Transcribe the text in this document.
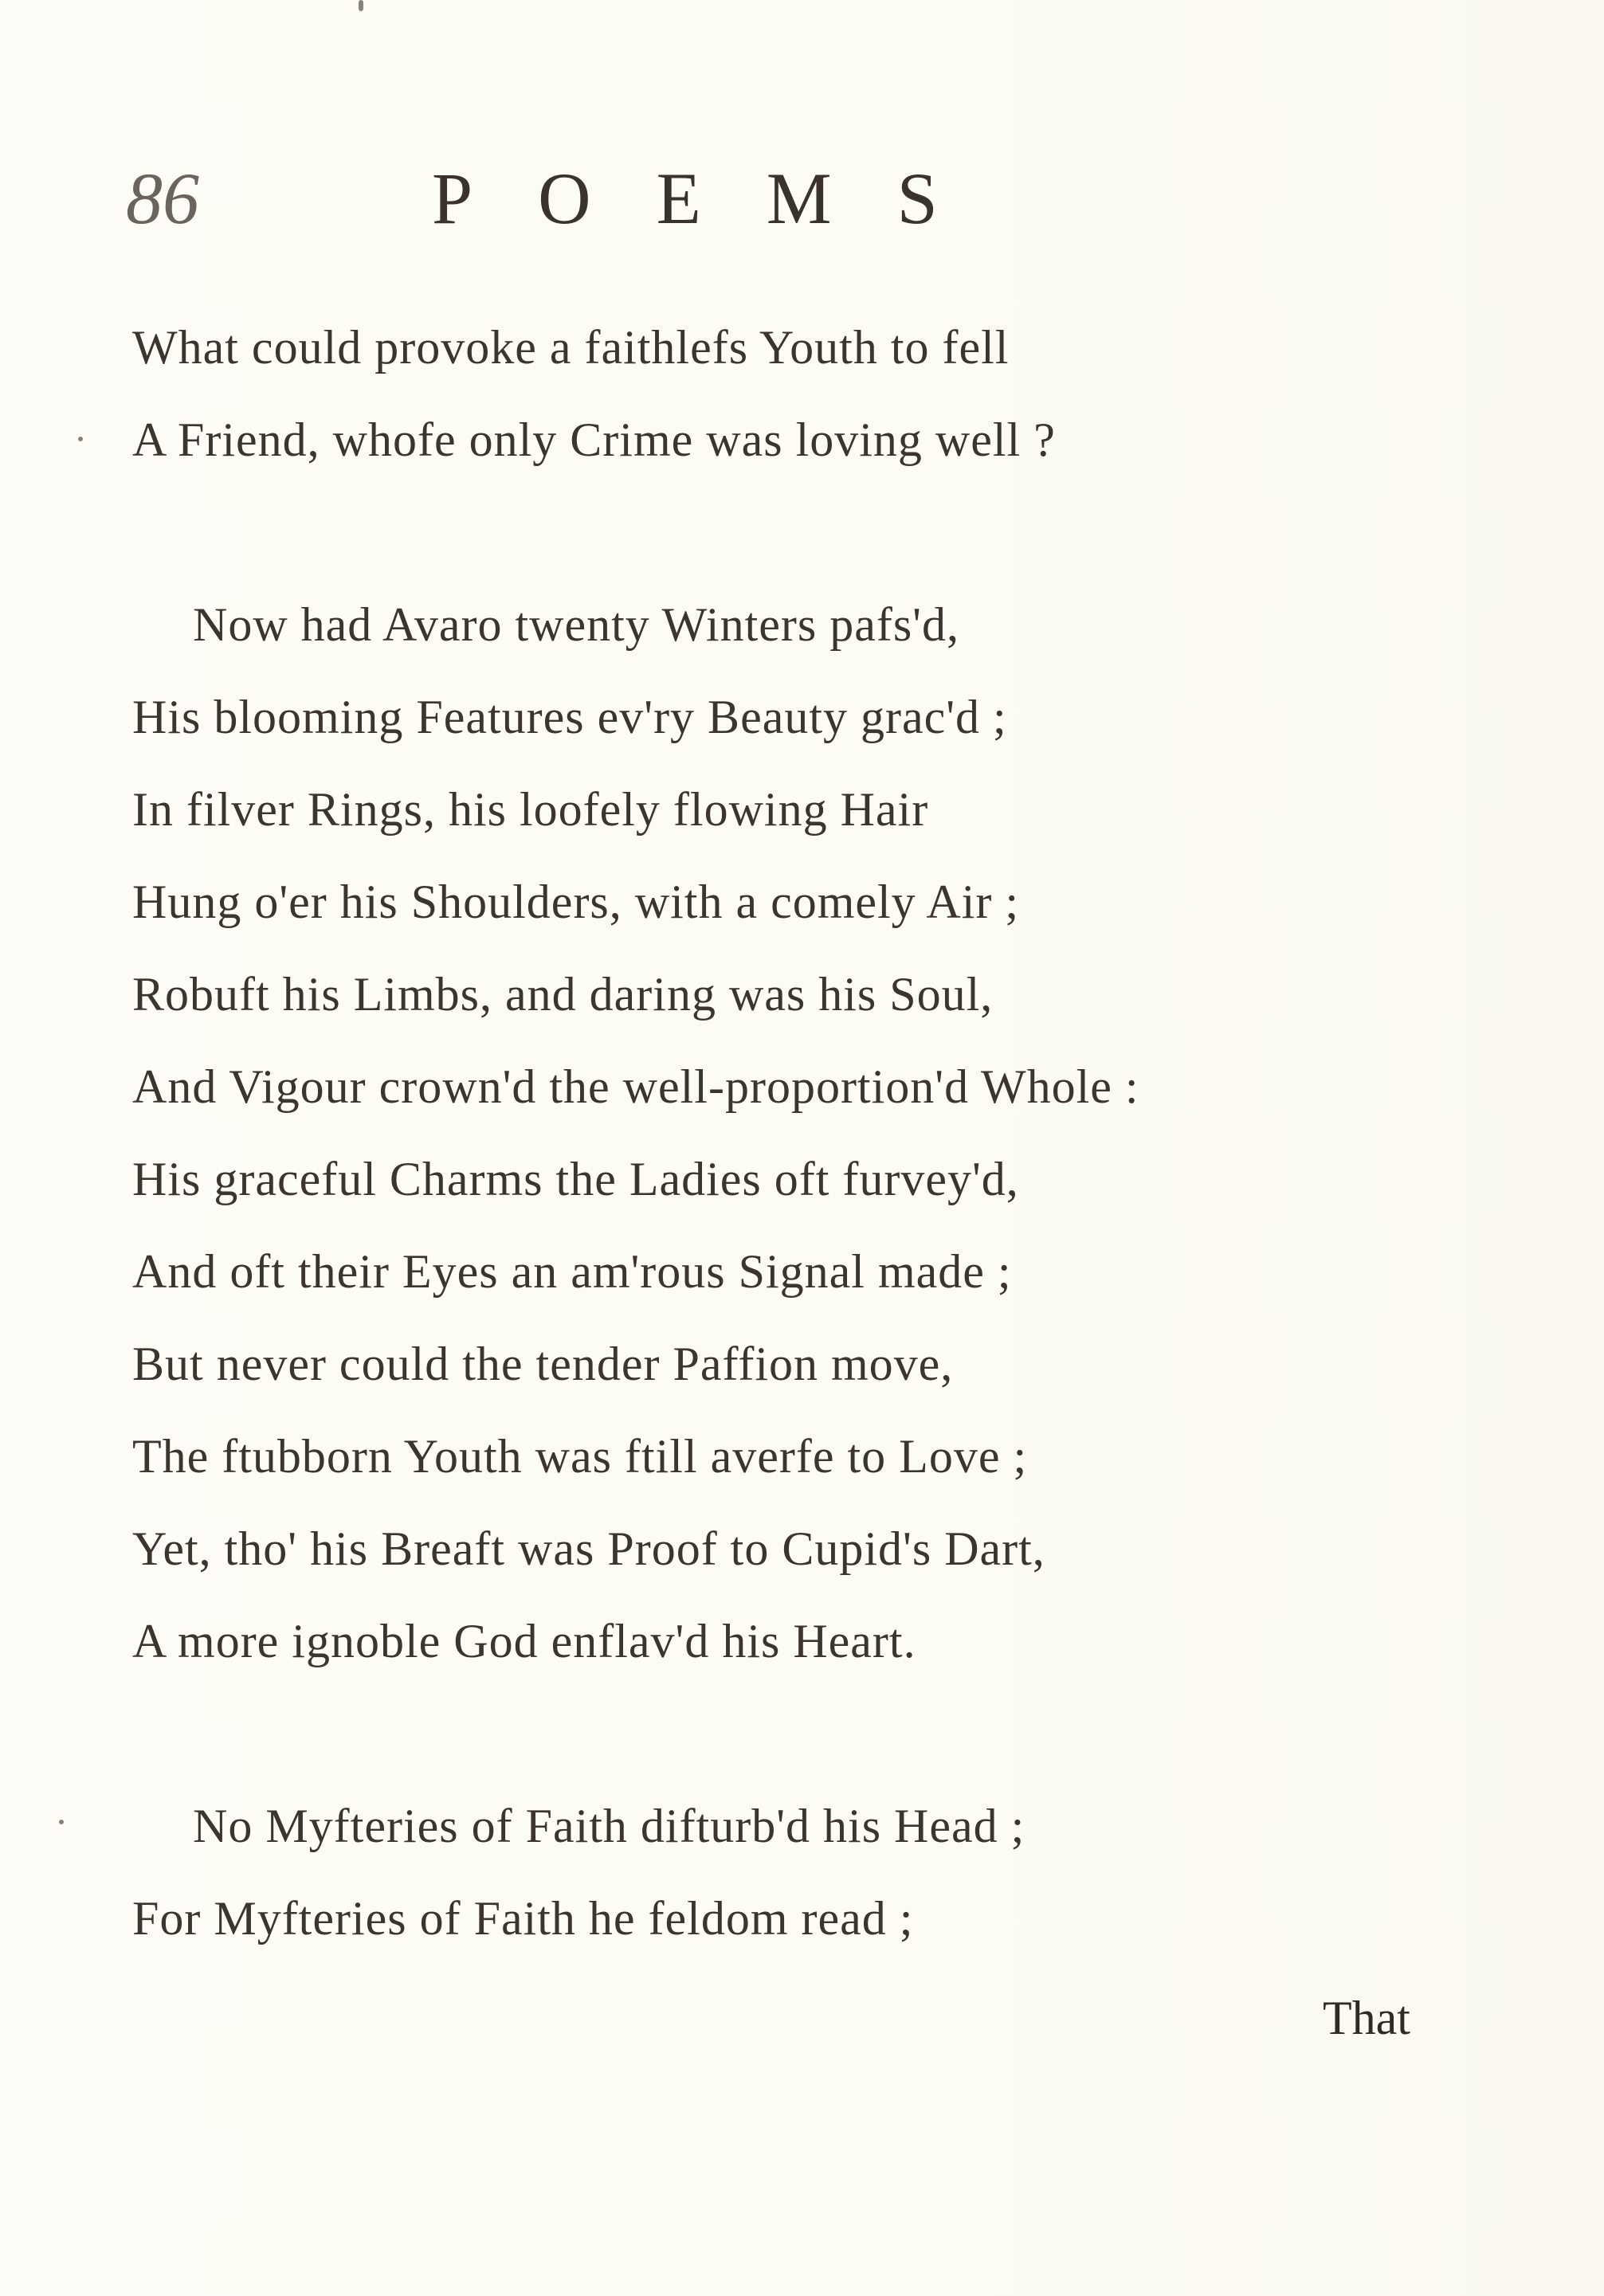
86	POEMS
What could provoke a faithlefs Youth to fell
A Friend, whofe only Crime was loving well ?
Now had Avaro twenty Winters pafs'd,
His blooming Features ev'ry Beauty grac'd ;
In filver Rings, his loofely flowing Hair
Hung o'er his Shoulders, with a comely Air ;
Robuft his Limbs, and daring was his Soul,
And Vigour crown'd the well-proportion'd Whole :
His graceful Charms the Ladies oft furvey'd,
And oft their Eyes an am'rous Signal made ;
But never could the tender Paffion move,
The ftubborn Youth was ftill averfe to Love ;
Yet, tho' his Breaft was Proof to Cupid's Dart,
A more ignoble God enflav'd his Heart.
No Myfteries of Faith difturb'd his Head ;
For Myfteries of Faith he feldom read ;
That
